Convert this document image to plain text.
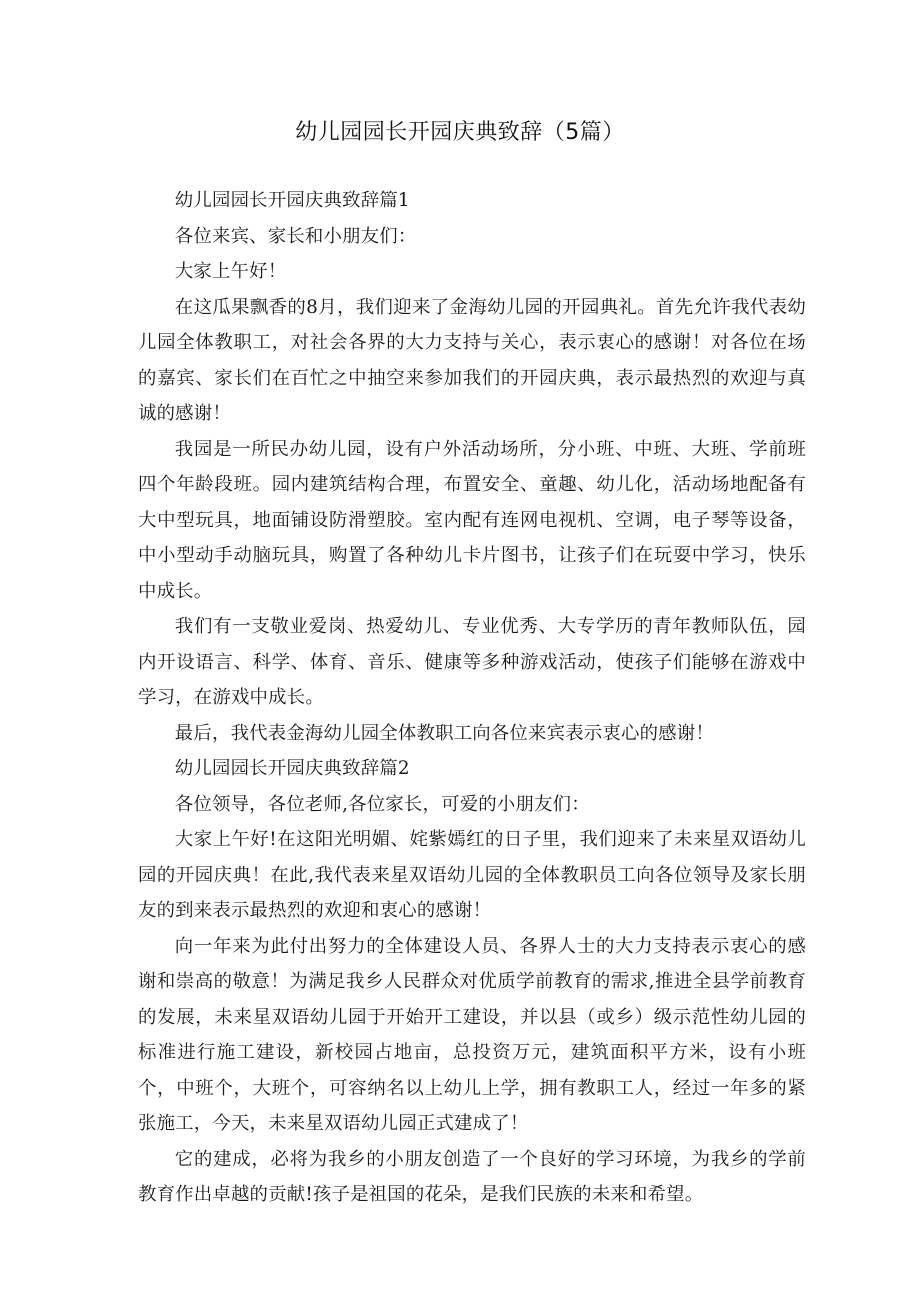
幼儿园园长开园庆典致辞（5篇）

幼儿园园长开园庆典致辞篇1

各位来宾、家长和小朋友们：

大家上午好！

在这瓜果飘香的8月，我们迎来了金海幼儿园的开园典礼。首先允许我代表幼儿园全体教职工，对社会各界的大力支持与关心，表示衷心的感谢！对各位在场的嘉宾、家长们在百忙之中抽空来参加我们的开园庆典，表示最热烈的欢迎与真诚的感谢！

我园是一所民办幼儿园，设有户外活动场所，分小班、中班、大班、学前班四个年龄段班。园内建筑结构合理，布置安全、童趣、幼儿化，活动场地配备有大中型玩具，地面铺设防滑塑胶。室内配有连网电视机、空调，电子琴等设备，中小型动手动脑玩具，购置了各种幼儿卡片图书，让孩子们在玩耍中学习，快乐中成长。

我们有一支敬业爱岗、热爱幼儿、专业优秀、大专学历的青年教师队伍，园内开设语言、科学、体育、音乐、健康等多种游戏活动，使孩子们能够在游戏中学习，在游戏中成长。

最后，我代表金海幼儿园全体教职工向各位来宾表示衷心的感谢！

幼儿园园长开园庆典致辞篇2

各位领导，各位老师,各位家长，可爱的小朋友们：

大家上午好!在这阳光明媚、姹紫嫣红的日子里，我们迎来了未来星双语幼儿园的开园庆典！在此,我代表来星双语幼儿园的全体教职员工向各位领导及家长朋友的到来表示最热烈的欢迎和衷心的感谢！

向一年来为此付出努力的全体建设人员、各界人士的大力支持表示衷心的感谢和崇高的敬意！为满足我乡人民群众对优质学前教育的需求,推进全县学前教育的发展，未来星双语幼儿园于开始开工建设，并以县（或乡）级示范性幼儿园的标准进行施工建设，新校园占地亩，总投资万元，建筑面积平方米，设有小班个，中班个，大班个，可容纳名以上幼儿上学，拥有教职工人，经过一年多的紧张施工，今天，未来星双语幼儿园正式建成了！

它的建成，必将为我乡的小朋友创造了一个良好的学习环境，为我乡的学前教育作出卓越的贡献!孩子是祖国的花朵，是我们民族的未来和希望。
